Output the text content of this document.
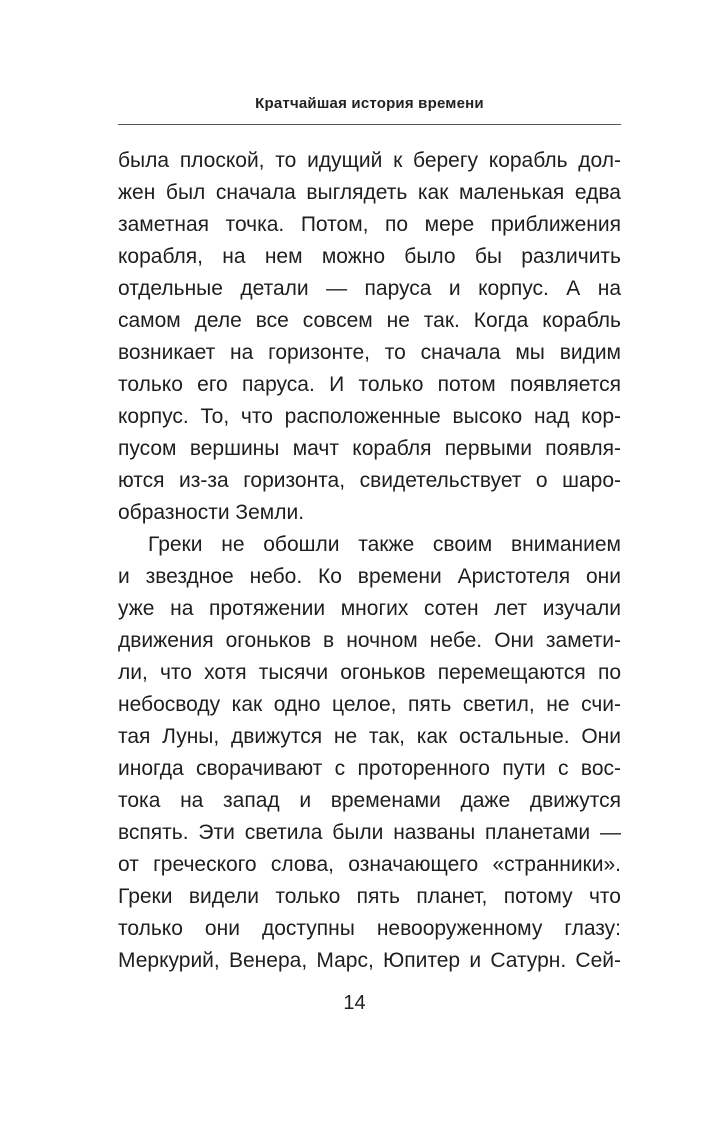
Кратчайшая история времени
была плоской, то идущий к берегу корабль дол-
жен был сначала выглядеть как маленькая едва
заметная точка. Потом, по мере приближения
корабля, на нем можно было бы различить
отдельные детали — паруса и корпус. А на
самом деле все совсем не так. Когда корабль
возникает на горизонте, то сначала мы видим
только его паруса. И только потом появляется
корпус. То, что расположенные высоко над кор-
пусом вершины мачт корабля первыми появля-
ются из-за горизонта, свидетельствует о шаро-
образности Земли.
Греки не обошли также своим вниманием
и звездное небо. Ко времени Аристотеля они
уже на протяжении многих сотен лет изучали
движения огоньков в ночном небе. Они замети-
ли, что хотя тысячи огоньков перемещаются по
небосводу как одно целое, пять светил, не счи-
тая Луны, движутся не так, как остальные. Они
иногда сворачивают с проторенного пути с вос-
тока на запад и временами даже движутся
вспять. Эти светила были названы планетами —
от греческого слова, означающего «странники».
Греки видели только пять планет, потому что
только они доступны невооруженному глазу:
Меркурий, Венера, Марс, Юпитер и Сатурн. Сей-
14
